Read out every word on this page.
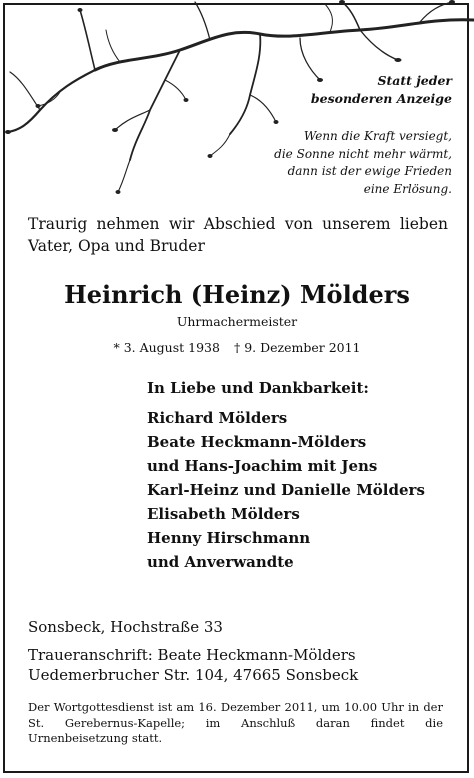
Statt jeder
besonderen Anzeige
Wenn die Kraft versiegt,
die Sonne nicht mehr wärmt,
dann ist der ewige Frieden
eine Erlösung.
Traurig nehmen wir Abschied von unserem lieben Vater, Opa und Bruder
Heinrich (Heinz) Mölders
Uhrmachermeister
* 3. August 1938 † 9. Dezember 2011
In Liebe und Dankbarkeit:
Richard Mölders
Beate Heckmann-Mölders
und Hans-Joachim mit Jens
Karl-Heinz und Danielle Mölders
Elisabeth Mölders
Henny Hirschmann
und Anverwandte
Sonsbeck, Hochstraße 33
Traueranschrift: Beate Heckmann-Mölders
Uedemerbrucher Str. 104, 47665 Sonsbeck
Der Wortgottesdienst ist am 16. Dezember 2011, um 10.00 Uhr in der St. Gerebernus-Kapelle; im Anschluß daran findet die Urnenbeisetzung statt.
